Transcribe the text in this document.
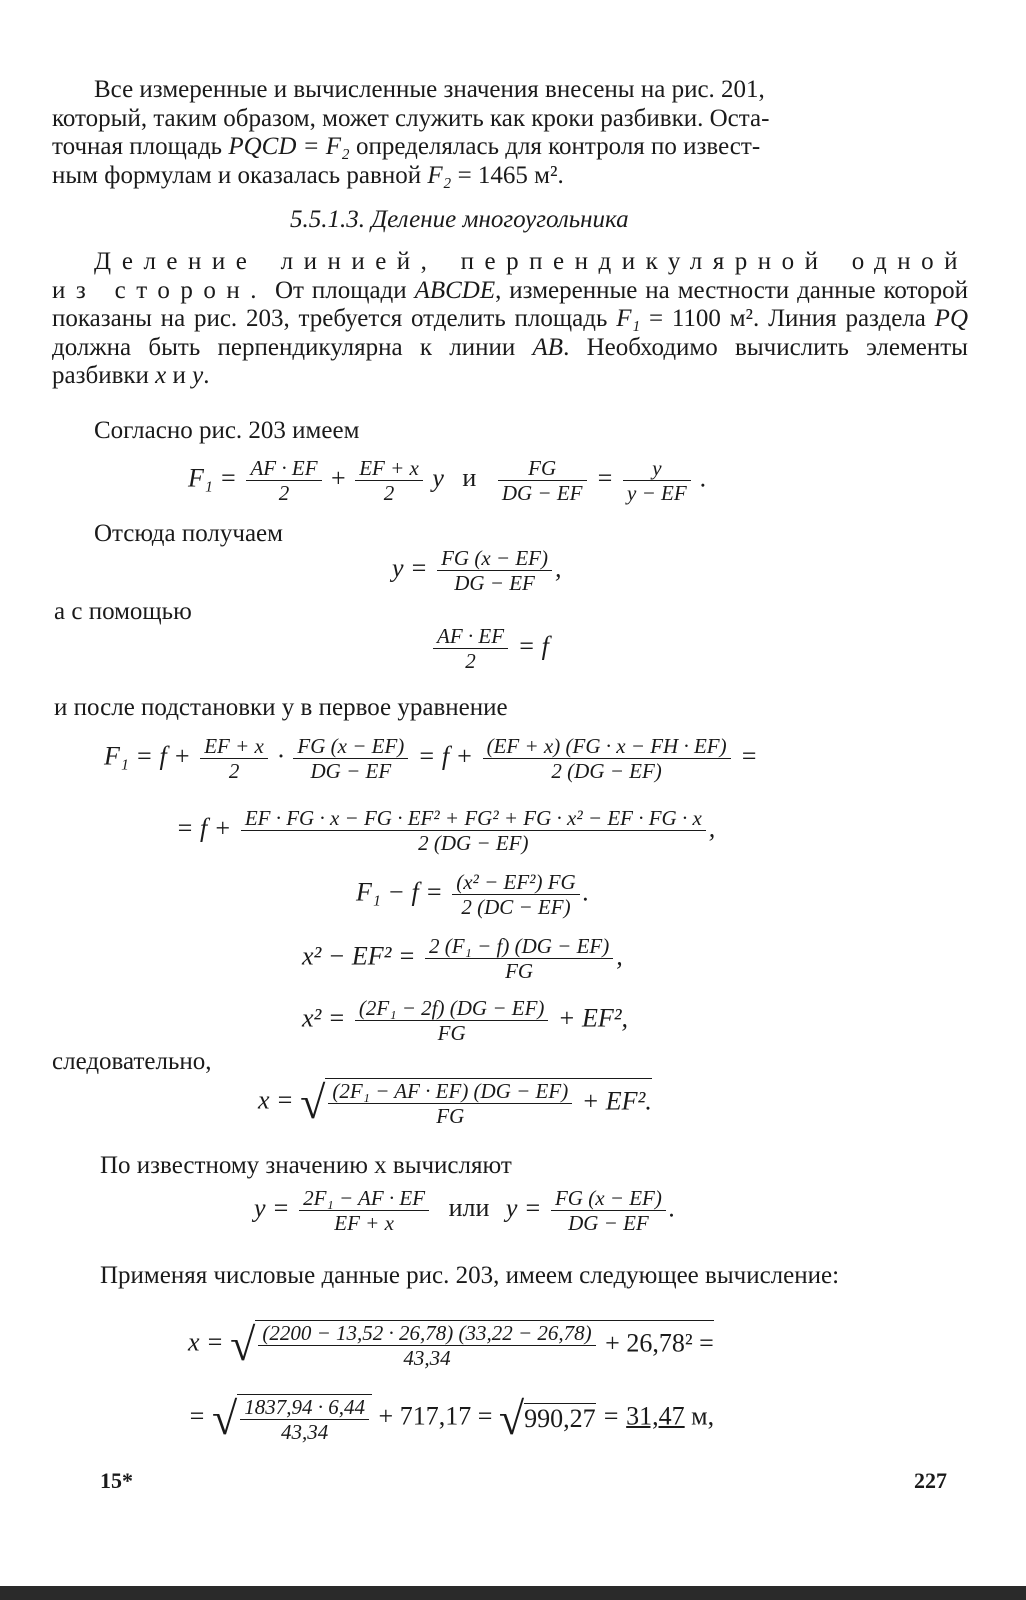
Все измеренные и вычисленные значения внесены на рис. 201,
который, таким образом, может служить как кроки разбивки. Оста-
точная площадь PQCD = F₂ определялась для контроля по извест-
ным формулам и оказалась равной F₂ = 1465 м².
5.5.1.3. Деление многоугольника
Деление линией, перпендикулярной одной из сторон. От площади ABCDE, измеренные на местности данные которой показаны на рис. 203, требуется отделить площадь F₁ = 1100 м². Линия раздела PQ должна быть перпендикулярна к линии AB. Необходимо вычислить элементы разбивки x и y.
Согласно рис. 203 имеем
$F_1 = \frac{AF \cdot EF}{2} + \frac{EF + x}{2}$ y и $\frac{FG}{DG - EF} = \frac{y}{y - EF}$ .
Отсюда получаем
$y = \frac{FG (x - EF)}{DG - EF}$ ,
а с помощью
$\frac{AF \cdot EF}{2} = f$
и после подстановки y в первое уравнение
$F_1 = f + \frac{EF + x}{2} \cdot \frac{FG (x - EF)}{DG - EF} = f + \frac{(EF + x) (FG \cdot x - FH \cdot EF)}{2 (DG - EF)}$ =
= $f + \frac{\text{EF · FG · x − FG · EF² + FG² + FG · x² − EF · FG · x}}{2 (DG - EF)}$ ,
$F_1 - f = \frac{\text{(x² − EF²) FG}}{2 (DC - EF)}$ .
$x^2 - EF^2 = \frac{\text{2 (F₁ − f) (DG − EF)}}{FG}$ ,
$x^2 = \frac{\text{(2F₁ − 2f) (DG − EF)}}{FG} + EF^2$,
следовательно,
x = √ $\frac{\text{(2F₁ − AF · EF) (DG − EF)}}{FG} + EF^2$.
По известному значению x вычисляют
$y = \frac{\text{2F₁ − AF · EF}}{EF + x}$ или $y = \frac{FG (x - EF)}{DG - EF}$ .
Применяя числовые данные рис. 203, имеем следующее вычисление:
x = √ $\frac{(2200 - 13,52 \cdot 26,78) (33,22 - 26,78)}{43,34} + 26,78^2$ =
= √ $\frac{1837,94 \cdot 6,44}{43,34} + 717,17 = √990,27 = 31,47$ м,
15*	227
